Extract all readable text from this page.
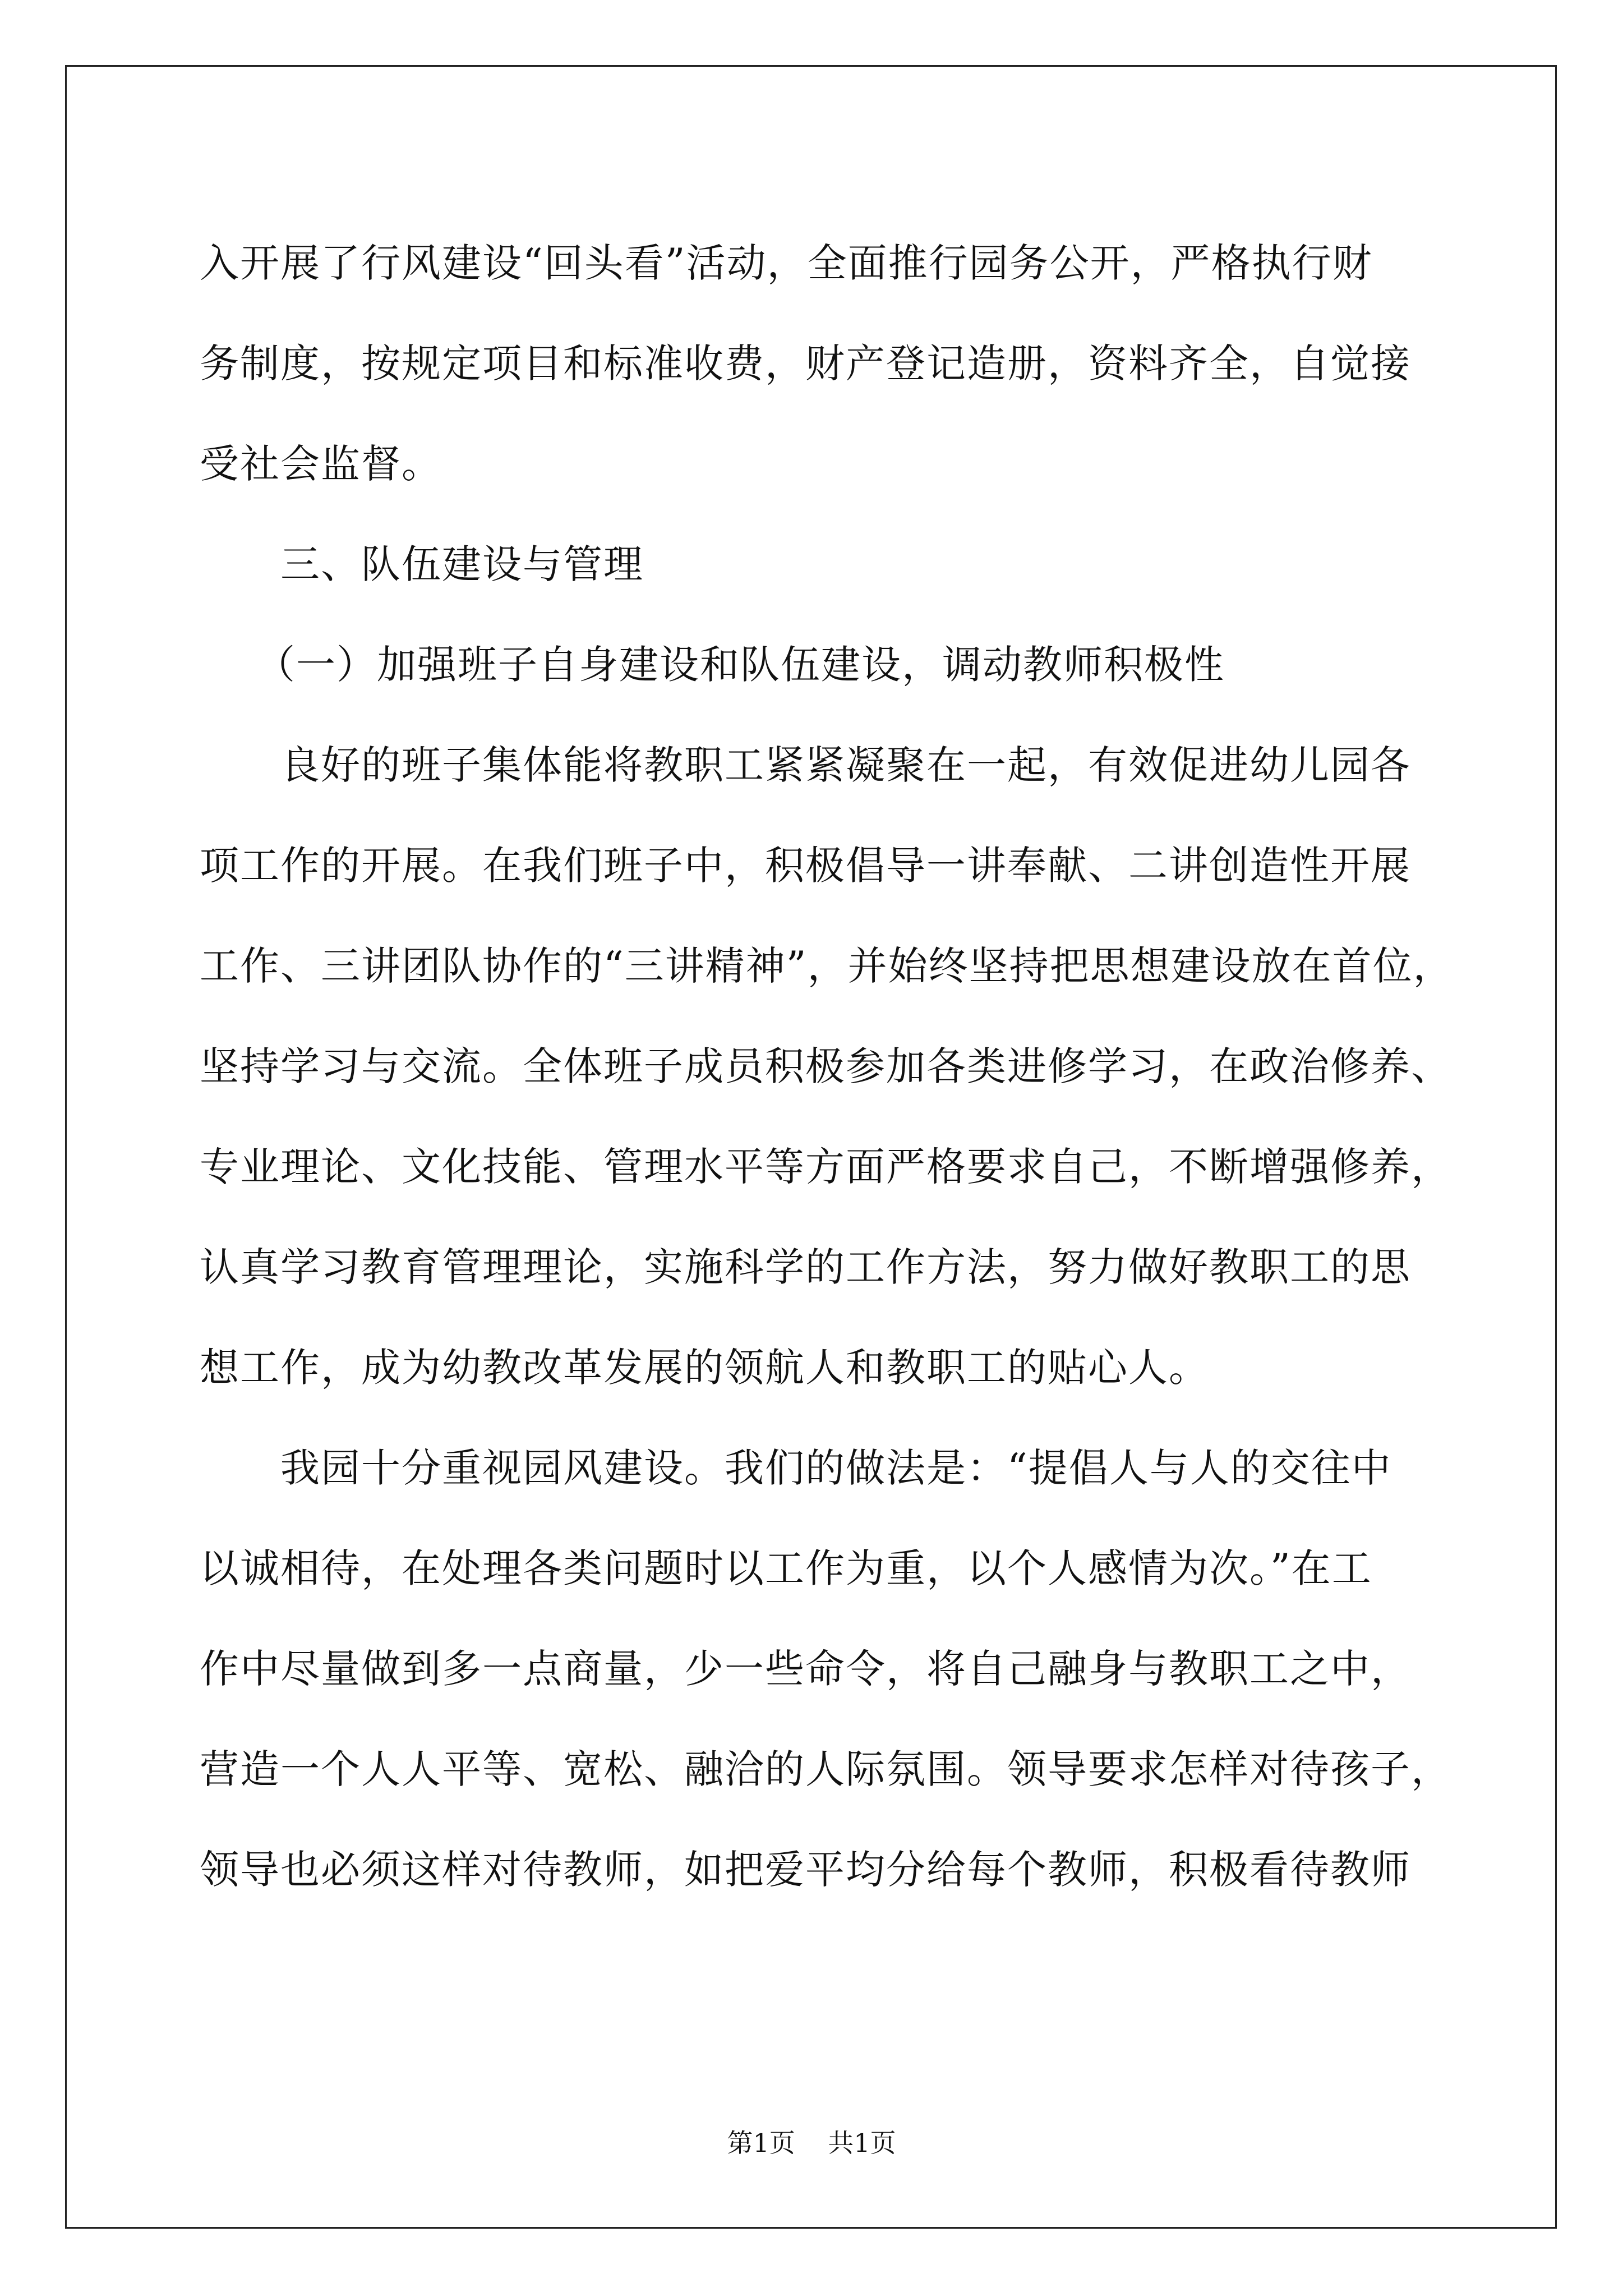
入开展了行风建设“回头看”活动，全面推行园务公开，严格执行财
务制度，按规定项目和标准收费，财产登记造册，资料齐全，自觉接
受社会监督。
三、队伍建设与管理
（一）加强班子自身建设和队伍建设，调动教师积极性
良好的班子集体能将教职工紧紧凝聚在一起，有效促进幼儿园各
项工作的开展。在我们班子中，积极倡导一讲奉献、二讲创造性开展
工作、三讲团队协作的“三讲精神”，并始终坚持把思想建设放在首位，
坚持学习与交流。全体班子成员积极参加各类进修学习，在政治修养、
专业理论、文化技能、管理水平等方面严格要求自己，不断增强修养，
认真学习教育管理理论，实施科学的工作方法，努力做好教职工的思
想工作，成为幼教改革发展的领航人和教职工的贴心人。
我园十分重视园风建设。我们的做法是：“提倡人与人的交往中
以诚相待，在处理各类问题时以工作为重，以个人感情为次。”在工
作中尽量做到多一点商量，少一些命令，将自己融身与教职工之中，
营造一个人人平等、宽松、融洽的人际氛围。领导要求怎样对待孩子，
领导也必须这样对待教师，如把爱平均分给每个教师，积极看待教师
第1页    共1页
